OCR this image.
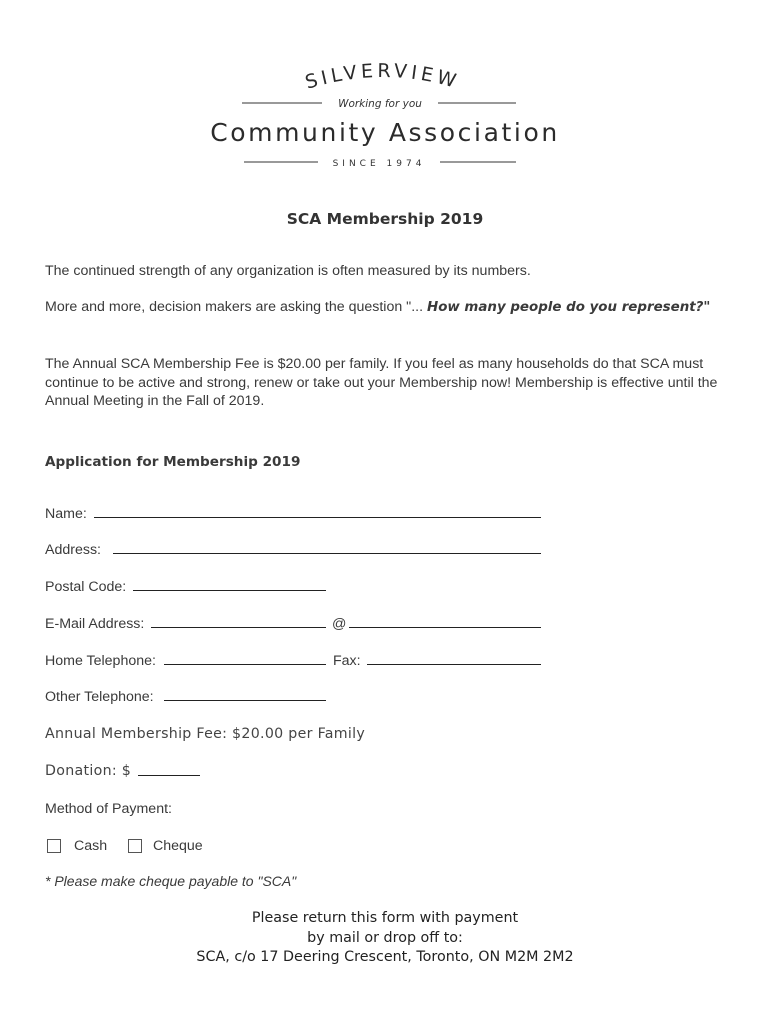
SILVERVIEW
Working for you
SINCE 1974
Community Association
SCA Membership 2019
The continued strength of any organization is often measured by its numbers.
More and more, decision makers are asking the question "... How many people do you represent?"
The Annual SCA Membership Fee is $20.00 per family. If you feel as many households do that SCA must continue to be active and strong, renew or take out your Membership now! Membership is effective until the Annual Meeting in the Fall of 2019.
Application for Membership 2019
Name:
Address:
Postal Code:
E-Mail Address:	@
Home Telephone:	Fax:
Other Telephone:
Annual Membership Fee: $20.00 per Family
Donation: $
Method of Payment:
Cash	Cheque
* Please make cheque payable to "SCA"
Please return this form with payment
by mail or drop off to:
SCA, c/o 17 Deering Crescent, Toronto, ON M2M 2M2
